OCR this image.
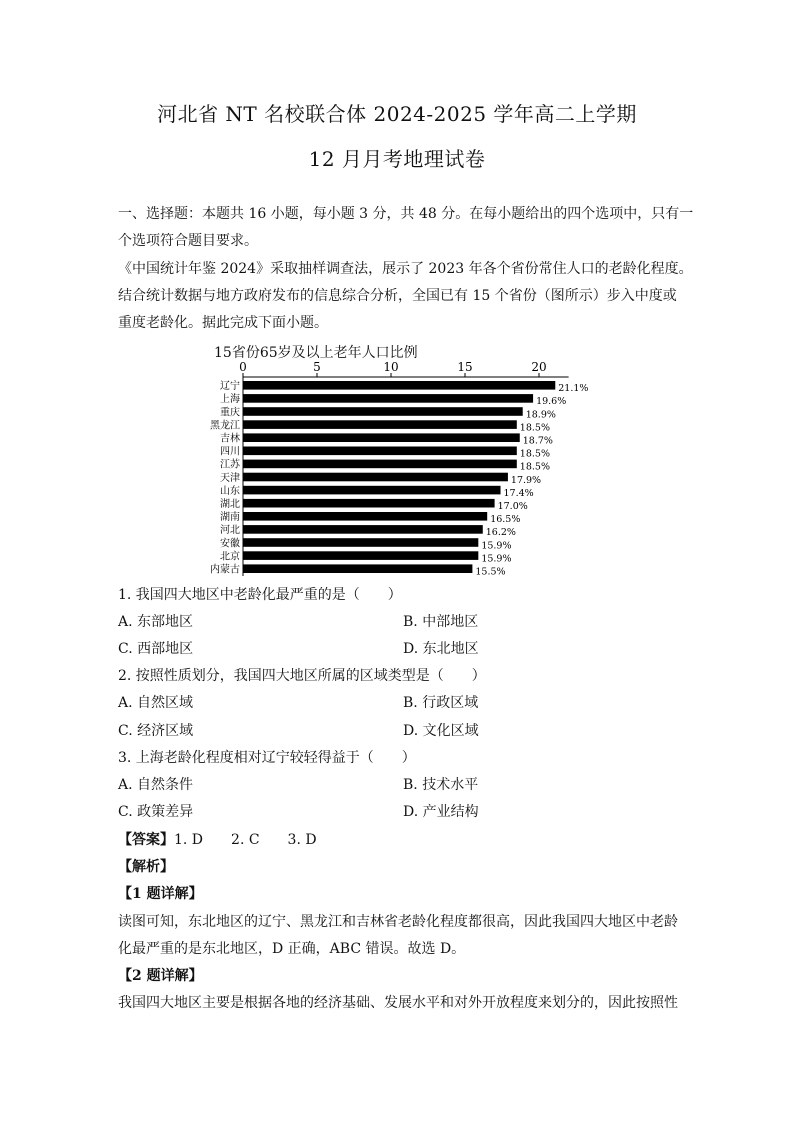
河北省 NT 名校联合体 2024-2025 学年高二上学期
12 月月考地理试卷
一、选择题：本题共 16 小题，每小题 3 分，共 48 分。在每小题给出的四个选项中，只有一
个选项符合题目要求。
《中国统计年鉴 2024》采取抽样调查法，展示了 2023 年各个省份常住人口的老龄化程度。
结合统计数据与地方政府发布的信息综合分析，全国已有 15 个省份（图所示）步入中度或
重度老龄化。据此完成下面小题。
15省份65岁及以上老年人口比例
0	5	10	15	20
辽宁	21.1%
上海	19.6%
重庆	18.9%
黑龙江	18.5%
吉林	18.7%
四川	18.5%
江苏	18.5%
天津	17.9%
山东	17.4%
湖北	17.0%
湖南	16.5%
河北	16.2%
安徽	15.9%
北京	15.9%
内蒙古	15.5%
1. 我国四大地区中老龄化最严重的是（　　）
A. 东部地区	B. 中部地区
C. 西部地区	D. 东北地区
2. 按照性质划分，我国四大地区所属的区域类型是（　　）
A. 自然区域	B. 行政区域
C. 经济区域	D. 文化区域
3. 上海老龄化程度相对辽宁较轻得益于（　　）
A. 自然条件	B. 技术水平
C. 政策差异	D. 产业结构
【答案】1. D　　2. C　　3. D
【解析】
【1 题详解】
读图可知，东北地区的辽宁、黑龙江和吉林省老龄化程度都很高，因此我国四大地区中老龄
化最严重的是东北地区，D 正确，ABC 错误。故选 D。
【2 题详解】
我国四大地区主要是根据各地的经济基础、发展水平和对外开放程度来划分的，因此按照性
